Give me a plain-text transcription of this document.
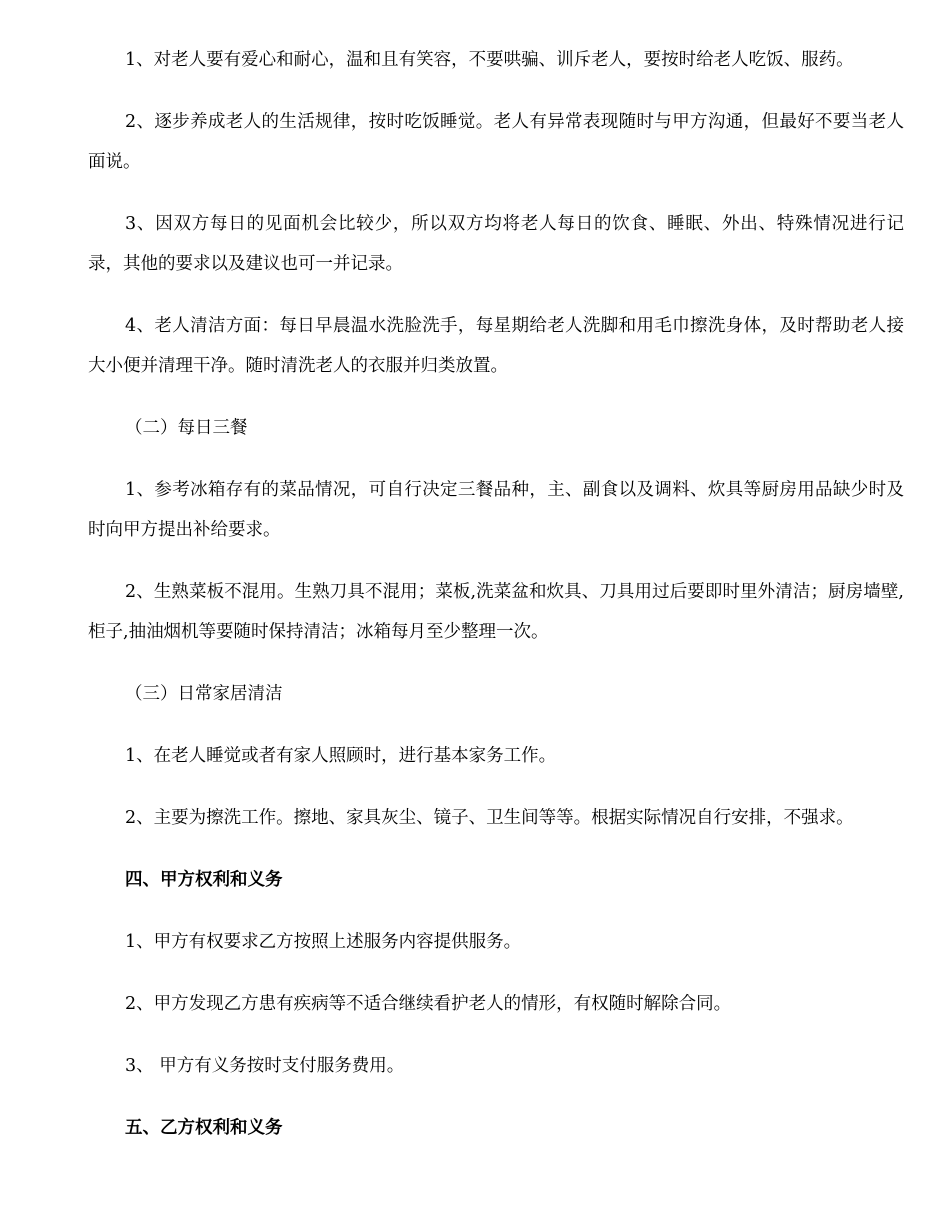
1、对老人要有爱心和耐心，温和且有笑容，不要哄骗、训斥老人，要按时给老人吃饭、服药。

2、逐步养成老人的生活规律，按时吃饭睡觉。老人有异常表现随时与甲方沟通，但最好不要当老人面说。

3、因双方每日的见面机会比较少，所以双方均将老人每日的饮食、睡眠、外出、特殊情况进行记录，其他的要求以及建议也可一并记录。

4、老人清洁方面：每日早晨温水洗脸洗手，每星期给老人洗脚和用毛巾擦洗身体，及时帮助老人接大小便并清理干净。随时清洗老人的衣服并归类放置。

（二）每日三餐

1、参考冰箱存有的菜品情况，可自行决定三餐品种，主、副食以及调料、炊具等厨房用品缺少时及时向甲方提出补给要求。

2、生熟菜板不混用。生熟刀具不混用；菜板,洗菜盆和炊具、刀具用过后要即时里外清洁；厨房墙壁,柜子,抽油烟机等要随时保持清洁；冰箱每月至少整理一次。

（三）日常家居清洁

1、在老人睡觉或者有家人照顾时，进行基本家务工作。

2、主要为擦洗工作。擦地、家具灰尘、镜子、卫生间等等。根据实际情况自行安排，不强求。

四、甲方权利和义务

1、甲方有权要求乙方按照上述服务内容提供服务。

2、甲方发现乙方患有疾病等不适合继续看护老人的情形，有权随时解除合同。

3、 甲方有义务按时支付服务费用。

五、乙方权利和义务
